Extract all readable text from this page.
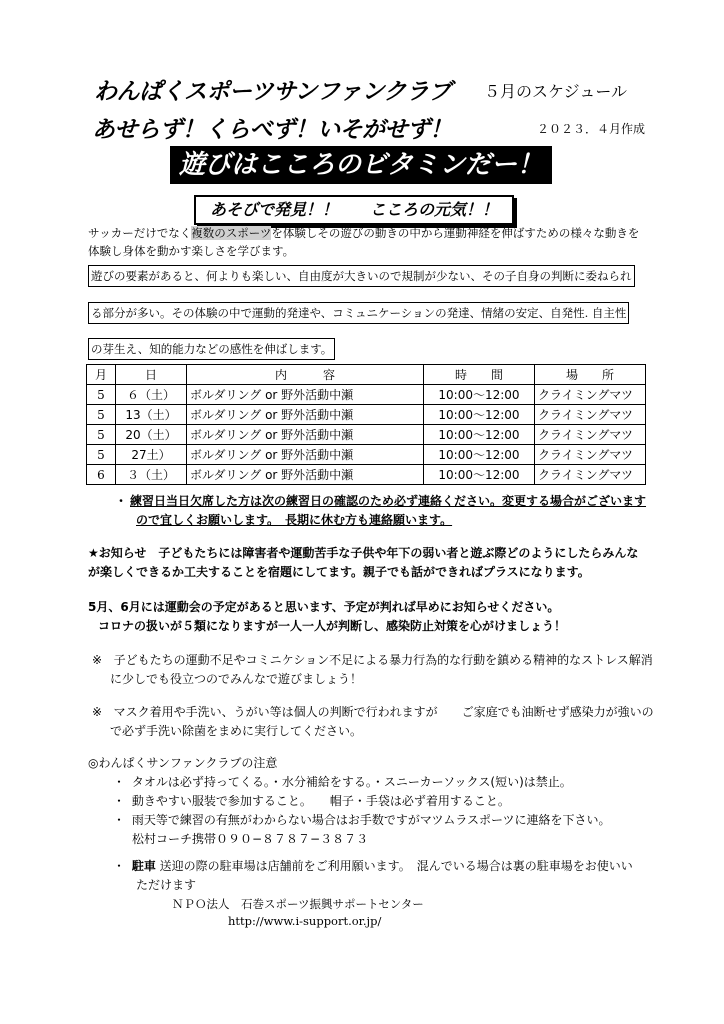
わんぱくスポーツサンファンクラブ ５月のスケジュール
あせらず！くらべず！いそがせず！	２０２３．４月作成
遊びはこころのビタミンだー！
あそびで発見！！　　こころの元気！！
サッカーだけでなく複数のスポーツを体験しその遊びの動きの中から運動神経を伸ばすための様々な動きを体験し身体を動かす楽しさを学びます。
遊びの要素があると、何よりも楽しい、自由度が大きいので規制が少ない、その子自身の判断に委ねられ
る部分が多い。その体験の中で運動的発達や、コミュニケーションの発達、情緒の安定、自発性. 自主性
の芽生え、知的能力などの感性を伸ばします。
月	日	内　　　容	時　　間	場　　所
5	６（土）	ボルダリング or 野外活動中瀬	10:00～12:00	クライミングマツ
5	13（土）	ボルダリング or 野外活動中瀬	10:00～12:00	クライミングマツ
5	20（土）	ボルダリング or 野外活動中瀬	10:00～12:00	クライミングマツ
5	27土）	ボルダリング or 野外活動中瀬	10:00～12:00	クライミングマツ
6	３（土）	ボルダリング or 野外活動中瀬	10:00～12:00	クライミングマツ
・ 練習日当日欠席した方は次の練習日の確認のため必ず連絡ください。変更する場合がございます
ので宜しくお願いします。　長期に休む方も連絡願います。
★お知らせ　子どもたちには障害者や運動苦手な子供や年下の弱い者と遊ぶ際どのようにしたらみんな
が楽しくできるか工夫することを宿題にしてます。親子でも話ができればプラスになります。
5月、6月には運動会の予定があると思います、予定が判れば早めにお知らせください。
コロナの扱いが５類になりますが一人一人が判断し、感染防止対策を心がけましょう！
※ 子どもたちの運動不足やコミニケション不足による暴力行為的な行動を鎮める精神的なストレス解消
に少しでも役立つのでみんなで遊びましょう！
※ マスク着用や手洗い、うがい等は個人の判断で行われますが　　ご家庭でも油断せず感染力が強いの
で必ず手洗い除菌をまめに実行してください。
◎わんぱくサンファンクラブの注意
・ タオルは必ず持ってくる。・水分補給をする。・スニーカーソックス(短い)は禁止。
・ 動きやすい服装で参加すること。　　帽子・手袋は必ず着用すること。
・ 雨天等で練習の有無がわからない場合はお手数ですがマツムラスポーツに連絡を下さい。
松村コーチ携帯０９０−８７８７−３８７３
・ 駐車 送迎の際の駐車場は店舗前をご利用願います。　混んでいる場合は裏の駐車場をお使いい
ただけます
ＮＰＯ法人　石巻スポーツ振興サポートセンター
http://www.i-support.or.jp/
